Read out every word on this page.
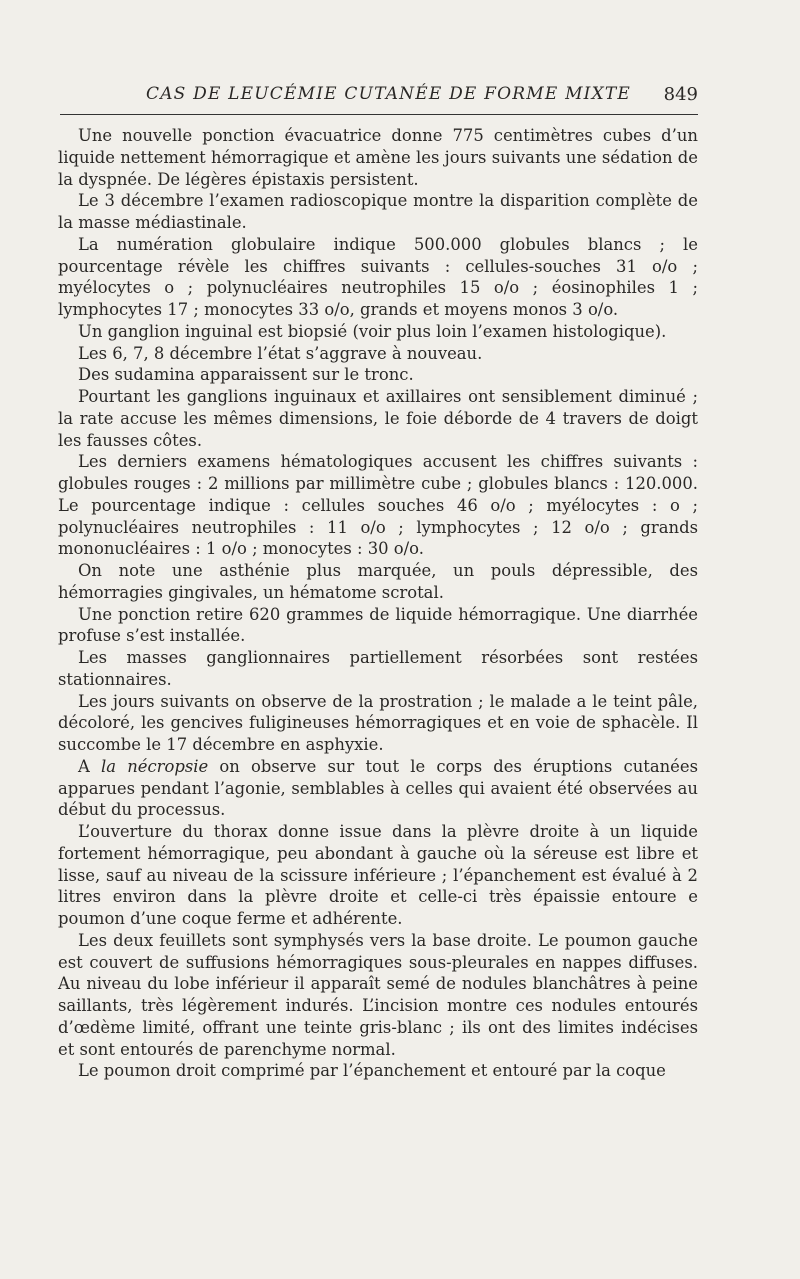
CAS DE LEUCÉMIE CUTANÉE DE FORME MIXTE 849

Une nouvelle ponction évacuatrice donne 775 centimètres cubes d’un liquide nettement hémorragique et amène les jours suivants une sédation de la dyspnée. De légères épistaxis persistent.

Le 3 décembre l’examen radioscopique montre la disparition complète de la masse médiastinale.

La numération globulaire indique 500.000 globules blancs ; le pourcentage révèle les chiffres suivants : cellules-souches 31 o/o ; myélocytes o ; polynucléaires neutrophiles 15 o/o ; éosinophiles 1 ; lymphocytes 17 ; monocytes 33 o/o, grands et moyens monos 3 o/o.

Un ganglion inguinal est biopsié (voir plus loin l’examen histologique).

Les 6, 7, 8 décembre l’état s’aggrave à nouveau.

Des sudamina apparaissent sur le tronc.

Pourtant les ganglions inguinaux et axillaires ont sensiblement diminué ; la rate accuse les mêmes dimensions, le foie déborde de 4 travers de doigt les fausses côtes.

Les derniers examens hématologiques accusent les chiffres suivants : globules rouges : 2 millions par millimètre cube ; globules blancs : 120.000. Le pourcentage indique : cellules souches 46 o/o ; myélocytes : o ; polynucléaires neutrophiles : 11 o/o ; lymphocytes ; 12 o/o ; grands mononucléaires : 1 o/o ; monocytes : 30 o/o.

On note une asthénie plus marquée, un pouls dépressible, des hémorragies gingivales, un hématome scrotal.

Une ponction retire 620 grammes de liquide hémorragique. Une diarrhée profuse s’est installée.

Les masses ganglionnaires partiellement résorbées sont restées stationnaires.

Les jours suivants on observe de la prostration ; le malade a le teint pâle, décoloré, les gencives fuligineuses hémorragiques et en voie de sphacèle. Il succombe le 17 décembre en asphyxie.

A la nécropsie on observe sur tout le corps des éruptions cutanées apparues pendant l’agonie, semblables à celles qui avaient été observées au début du processus.

L’ouverture du thorax donne issue dans la plèvre droite à un liquide fortement hémorragique, peu abondant à gauche où la séreuse est libre et lisse, sauf au niveau de la scissure inférieure ; l’épanchement est évalué à 2 litres environ dans la plèvre droite et celle-ci très épaissie entoure e poumon d’une coque ferme et adhérente.

Les deux feuillets sont symphysés vers la base droite. Le poumon gauche est couvert de suffusions hémorragiques sous-pleurales en nappes diffuses. Au niveau du lobe inférieur il apparaît semé de nodules blanchâtres à peine saillants, très légèrement indurés. L’incision montre ces nodules entourés d’œdème limité, offrant une teinte gris-blanc ; ils ont des limites indécises et sont entourés de parenchyme normal.

Le poumon droit comprimé par l’épanchement et entouré par la coque
